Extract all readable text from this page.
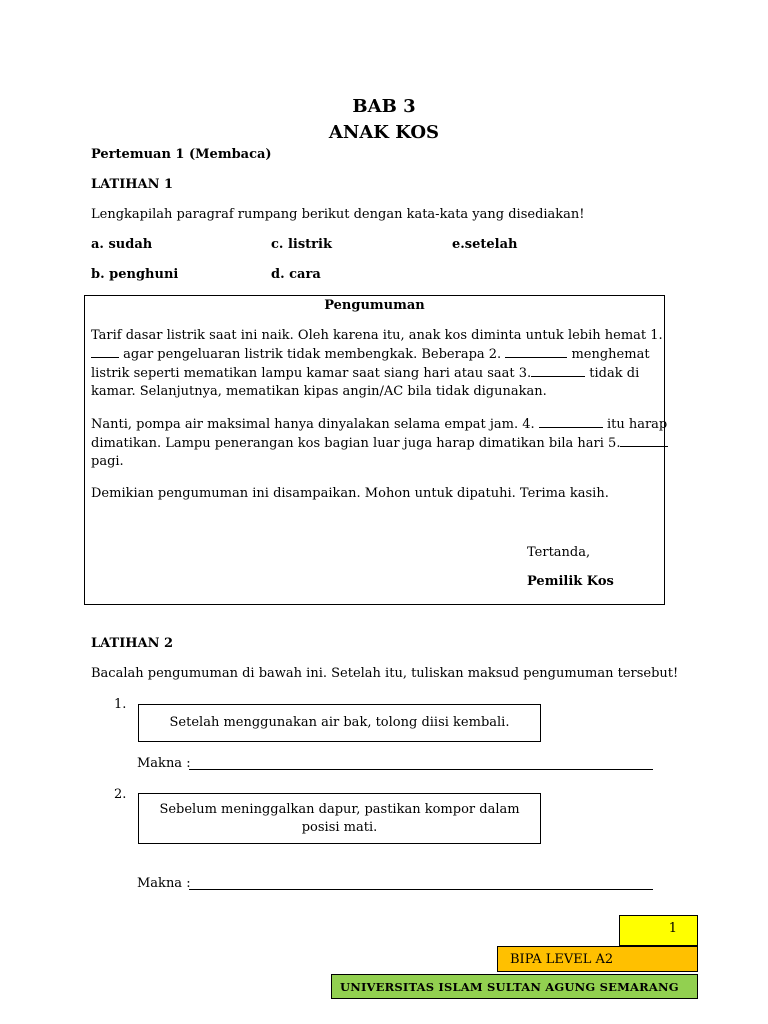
BAB 3
ANAK KOS
Pertemuan 1 (Membaca)
LATIHAN 1
Lengkapilah paragraf rumpang berikut dengan kata-kata yang disediakan!
a. sudah	c. listrik	e.setelah
b. penghuni	d. cara
Pengumuman
Tarif dasar listrik saat ini naik. Oleh karena itu, anak kos diminta untuk lebih hemat 1.
agar pengeluaran listrik tidak membengkak. Beberapa 2.	menghemat
listrik seperti mematikan lampu kamar saat siang hari atau saat 3.	tidak di
kamar. Selanjutnya, mematikan kipas angin/AC bila tidak digunakan.
Nanti, pompa air maksimal hanya dinyalakan selama empat jam. 4.	itu harap
dimatikan. Lampu penerangan kos bagian luar juga harap dimatikan bila hari 5.
pagi.
Demikian pengumuman ini disampaikan. Mohon untuk dipatuhi. Terima kasih.
Tertanda,
Pemilik Kos
LATIHAN 2
Bacalah pengumuman di bawah ini. Setelah itu, tuliskan maksud pengumuman tersebut!
1.
Setelah menggunakan air bak, tolong diisi kembali.
Makna :
2.
Sebelum meninggalkan dapur, pastikan kompor dalam posisi mati.
Makna :
1
BIPA LEVEL A2
UNIVERSITAS ISLAM SULTAN AGUNG SEMARANG
